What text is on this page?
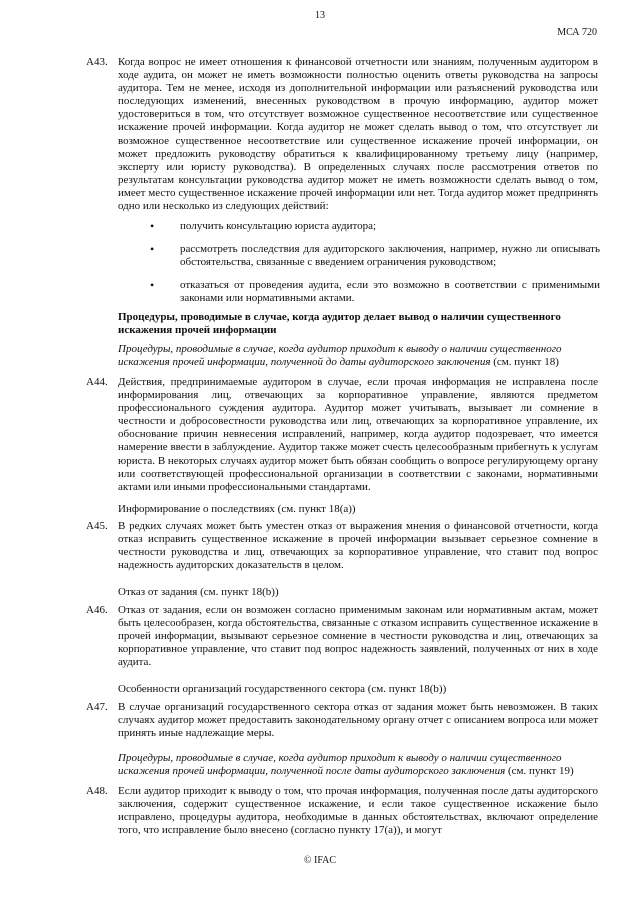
13
МСА 720
A43. Когда вопрос не имеет отношения к финансовой отчетности или знаниям, полученным аудитором в ходе аудита, он может не иметь возможности полностью оценить ответы руководства на запросы аудитора. Тем не менее, исходя из дополнительной информации или разъяснений руководства или последующих изменений, внесенных руководством в прочую информацию, аудитор может удостовериться в том, что отсутствует возможное существенное несоответствие или существенное искажение прочей информации. Когда аудитор не может сделать вывод о том, что отсутствует ли возможное существенное несоответствие или существенное искажение прочей информации, он может предложить руководству обратиться к квалифицированному третьему лицу (например, эксперту или юристу руководства). В определенных случаях после рассмотрения ответов по результатам консультации руководства аудитор может не иметь возможности сделать вывод о том, имеет место существенное искажение прочей информации или нет. Тогда аудитор может предпринять одно или несколько из следующих действий:
• получить консультацию юриста аудитора;
• рассмотреть последствия для аудиторского заключения, например, нужно ли описывать обстоятельства, связанные с введением ограничения руководством;
• отказаться от проведения аудита, если это возможно в соответствии с применимыми законами или нормативными актами.
Процедуры, проводимые в случае, когда аудитор делает вывод о наличии существенного искажения прочей информации
Процедуры, проводимые в случае, когда аудитор приходит к выводу о наличии существенного искажения прочей информации, полученной до даты аудиторского заключения (см. пункт 18)
A44. Действия, предпринимаемые аудитором в случае, если прочая информация не исправлена после информирования лиц, отвечающих за корпоративное управление, являются предметом профессионального суждения аудитора. Аудитор может учитывать, вызывает ли сомнение в честности и добросовестности руководства или лиц, отвечающих за корпоративное управление, их обоснование причин невнесения исправлений, например, когда аудитор подозревает, что имеется намерение ввести в заблуждение. Аудитор также может счесть целесообразным прибегнуть к услугам юриста. В некоторых случаях аудитор может быть обязан сообщить о вопросе регулирующему органу или соответствующей профессиональной организации в соответствии с законами, нормативными актами или иными профессиональными стандартами.
Информирование о последствиях (см. пункт 18(a))
A45. В редких случаях может быть уместен отказ от выражения мнения о финансовой отчетности, когда отказ исправить существенное искажение в прочей информации вызывает серьезное сомнение в честности руководства и лиц, отвечающих за корпоративное управление, что ставит под вопрос надежность аудиторских доказательств в целом.
Отказ от задания (см. пункт 18(b))
A46. Отказ от задания, если он возможен согласно применимым законам или нормативным актам, может быть целесообразен, когда обстоятельства, связанные с отказом исправить существенное искажение в прочей информации, вызывают серьезное сомнение в честности руководства и лиц, отвечающих за корпоративное управление, что ставит под вопрос надежность заявлений, полученных от них в ходе аудита.
Особенности организаций государственного сектора (см. пункт 18(b))
A47. В случае организаций государственного сектора отказ от задания может быть невозможен. В таких случаях аудитор может предоставить законодательному органу отчет с описанием вопроса или может принять иные надлежащие меры.
Процедуры, проводимые в случае, когда аудитор приходит к выводу о наличии существенного искажения прочей информации, полученной после даты аудиторского заключения (см. пункт 19)
A48. Если аудитор приходит к выводу о том, что прочая информация, полученная после даты аудиторского заключения, содержит существенное искажение, и если такое существенное искажение было исправлено, процедуры аудитора, необходимые в данных обстоятельствах, включают определение того, что исправление было внесено (согласно пункту 17(a)), и могут
© IFAC
